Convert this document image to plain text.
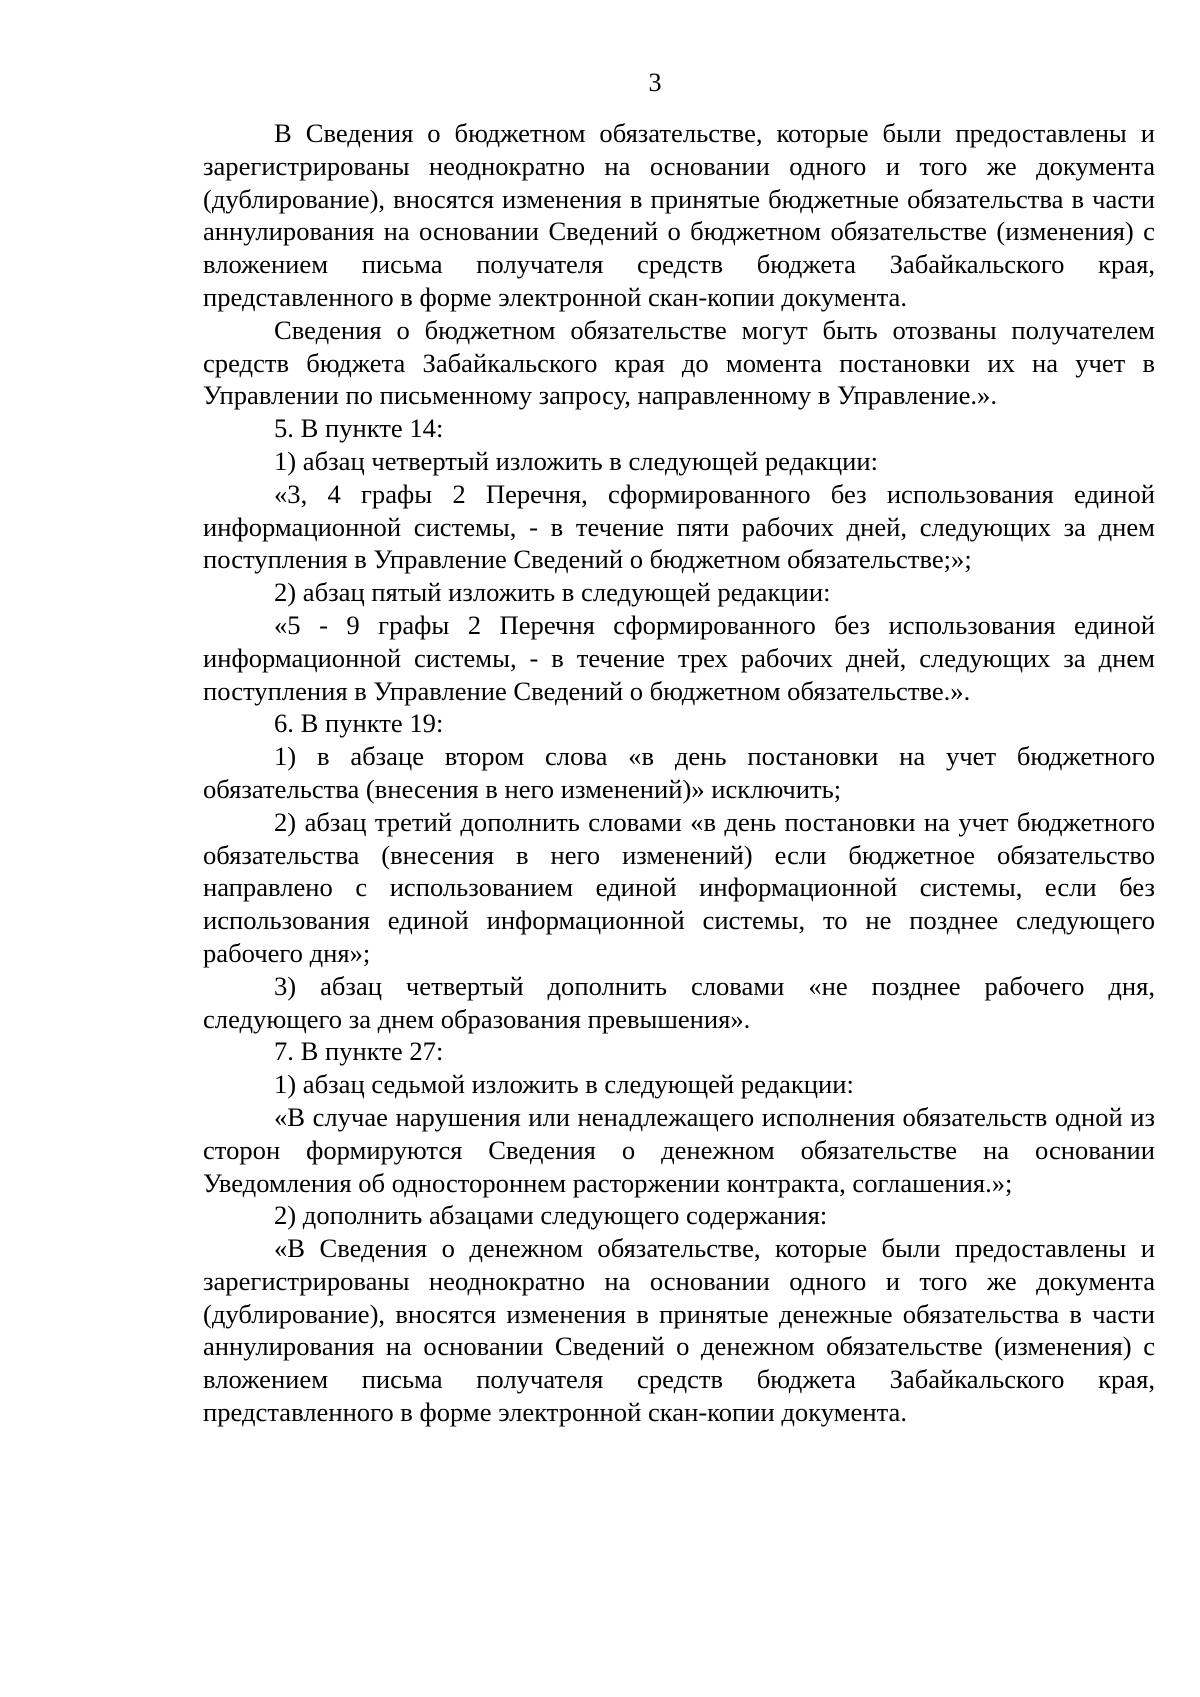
3

В Сведения о бюджетном обязательстве, которые были предоставлены и зарегистрированы неоднократно на основании одного и того же документа (дублирование), вносятся изменения в принятые бюджетные обязательства в части аннулирования на основании Сведений о бюджетном обязательстве (изменения) с вложением письма получателя средств бюджета Забайкальского края, представленного в форме электронной скан-копии документа.

Сведения о бюджетном обязательстве могут быть отозваны получателем средств бюджета Забайкальского края до момента постановки их на учет в Управлении по письменному запросу, направленному в Управление.».

5. В пункте 14:

1) абзац четвертый изложить в следующей редакции:

«3, 4 графы 2 Перечня, сформированного без использования единой информационной системы, - в течение пяти рабочих дней, следующих за днем поступления в Управление Сведений о бюджетном обязательстве;»;

2) абзац пятый изложить в следующей редакции:

«5 - 9 графы 2 Перечня сформированного без использования единой информационной системы, - в течение трех рабочих дней, следующих за днем поступления в Управление Сведений о бюджетном обязательстве.».

6. В пункте 19:

1) в абзаце втором слова «в день постановки на учет бюджетного обязательства (внесения в него изменений)» исключить;

2) абзац третий дополнить словами «в день постановки на учет бюджетного обязательства (внесения в него изменений) если бюджетное обязательство направлено с использованием единой информационной системы, если без использования единой информационной системы, то не позднее следующего рабочего дня»;

3) абзац четвертый дополнить словами «не позднее рабочего дня, следующего за днем образования превышения».

7. В пункте 27:

1) абзац седьмой изложить в следующей редакции:

«В случае нарушения или ненадлежащего исполнения обязательств одной из сторон формируются Сведения о денежном обязательстве на основании Уведомления об одностороннем расторжении контракта, соглашения.»;

2) дополнить абзацами следующего содержания:

«В Сведения о денежном обязательстве, которые были предоставлены и зарегистрированы неоднократно на основании одного и того же документа (дублирование), вносятся изменения в принятые денежные обязательства в части аннулирования на основании Сведений о денежном обязательстве (изменения) с вложением письма получателя средств бюджета Забайкальского края, представленного в форме электронной скан-копии документа.
